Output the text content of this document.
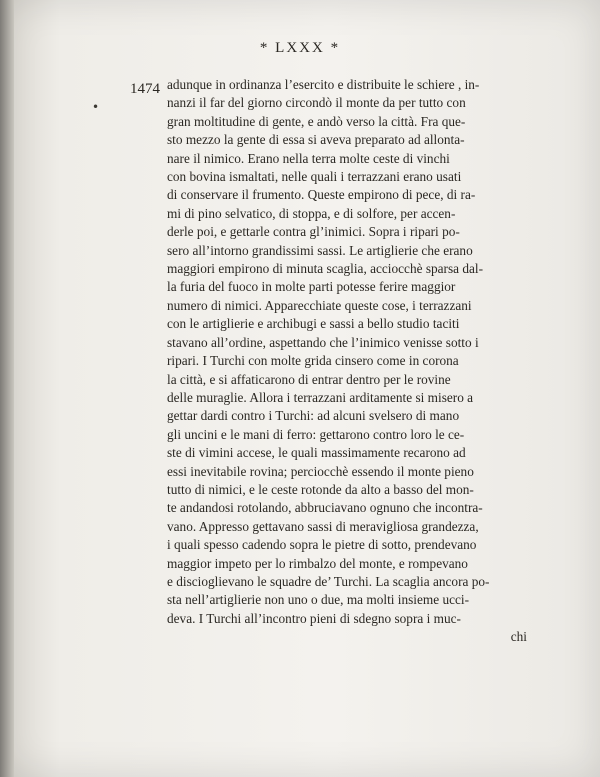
* LXXX *
1474
•
adunque in ordinanza l’esercito e distribuite le schiere , in-
nanzi il far del giorno circondò il monte da per tutto con
gran moltitudine di gente, e andò verso la città. Fra que-
sto mezzo la gente di essa si aveva preparato ad allonta-
nare il nimico. Erano nella terra molte ceste di vinchi
con bovina ismaltati, nelle quali i terrazzani erano usati
di conservare il frumento. Queste empirono di pece, di ra-
mi di pino selvatico, di stoppa, e di solfore, per accen-
derle poi, e gettarle contra gl’inimici. Sopra i ripari po-
sero all’intorno grandissimi sassi. Le artiglierie che erano
maggiori empirono di minuta scaglia, acciocchè sparsa dal-
la furia del fuoco in molte parti potesse ferire maggior
numero di nimici. Apparecchiate queste cose, i terrazzani
con le artiglierie e archibugi e sassi a bello studio taciti
stavano all’ordine, aspettando che l’inimico venisse sotto i
ripari. I Turchi con molte grida cinsero come in corona
la città, e si affaticarono di entrar dentro per le rovine
delle muraglie. Allora i terrazzani arditamente si misero a
gettar dardi contro i Turchi: ad alcuni svelsero di mano
gli uncini e le mani di ferro: gettarono contro loro le ce-
ste di vimini accese, le quali massimamente recarono ad
essi inevitabile rovina; perciocchè essendo il monte pieno
tutto di nimici, e le ceste rotonde da alto a basso del mon-
te andandosi rotolando, abbruciavano ognuno che incontra-
vano. Appresso gettavano sassi di meravigliosa grandezza,
i quali spesso cadendo sopra le pietre di sotto, prendevano
maggior impeto per lo rimbalzo del monte, e rompevano
e discioglievano le squadre de’ Turchi. La scaglia ancora po-
sta nell’artiglierie non uno o due, ma molti insieme ucci-
deva. I Turchi all’incontro pieni di sdegno sopra i muc-
chi
